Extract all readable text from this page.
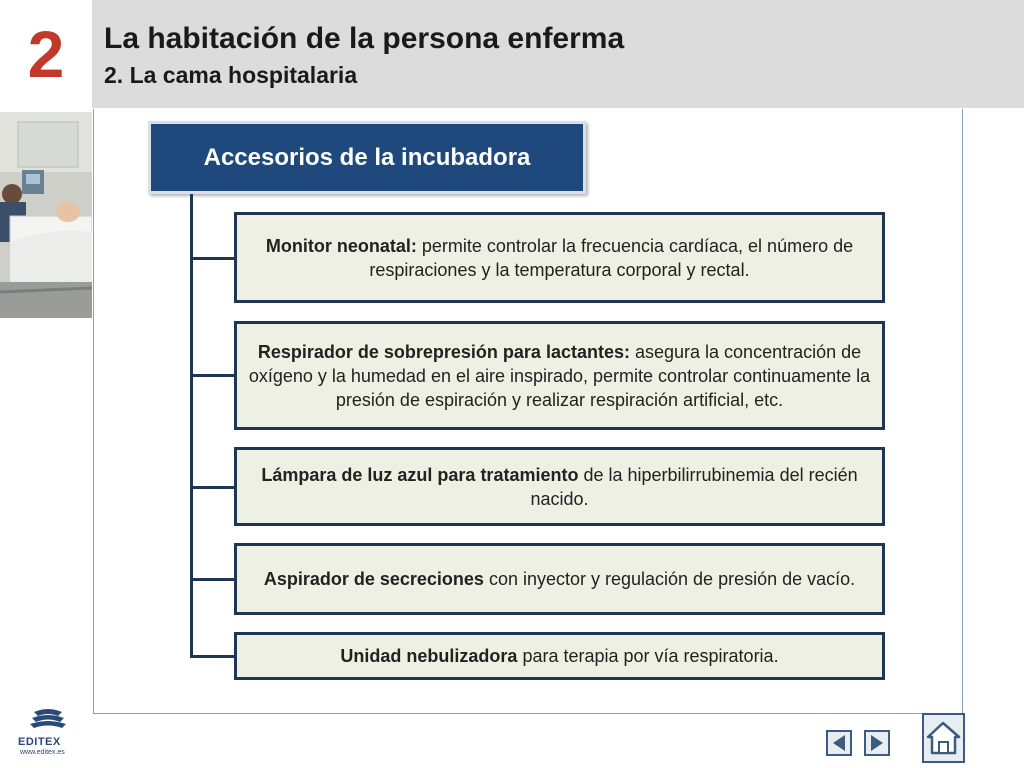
2	La habitación de la persona enferma
2. La cama hospitalaria
Accesorios de la incubadora
Monitor neonatal: permite controlar la frecuencia cardíaca, el número de respiraciones y la temperatura corporal y rectal.
Respirador de sobrepresión para lactantes: asegura la concentración de oxígeno y la humedad en el aire inspirado, permite controlar continuamente la presión de espiración y realizar respiración artificial, etc.
Lámpara de luz azul para tratamiento de la hiperbilirrubinemia del recién nacido.
Aspirador de secreciones con inyector y regulación de presión de vacío.
Unidad nebulizadora para terapia por vía respiratoria.
EDITEX
www.editex.es
